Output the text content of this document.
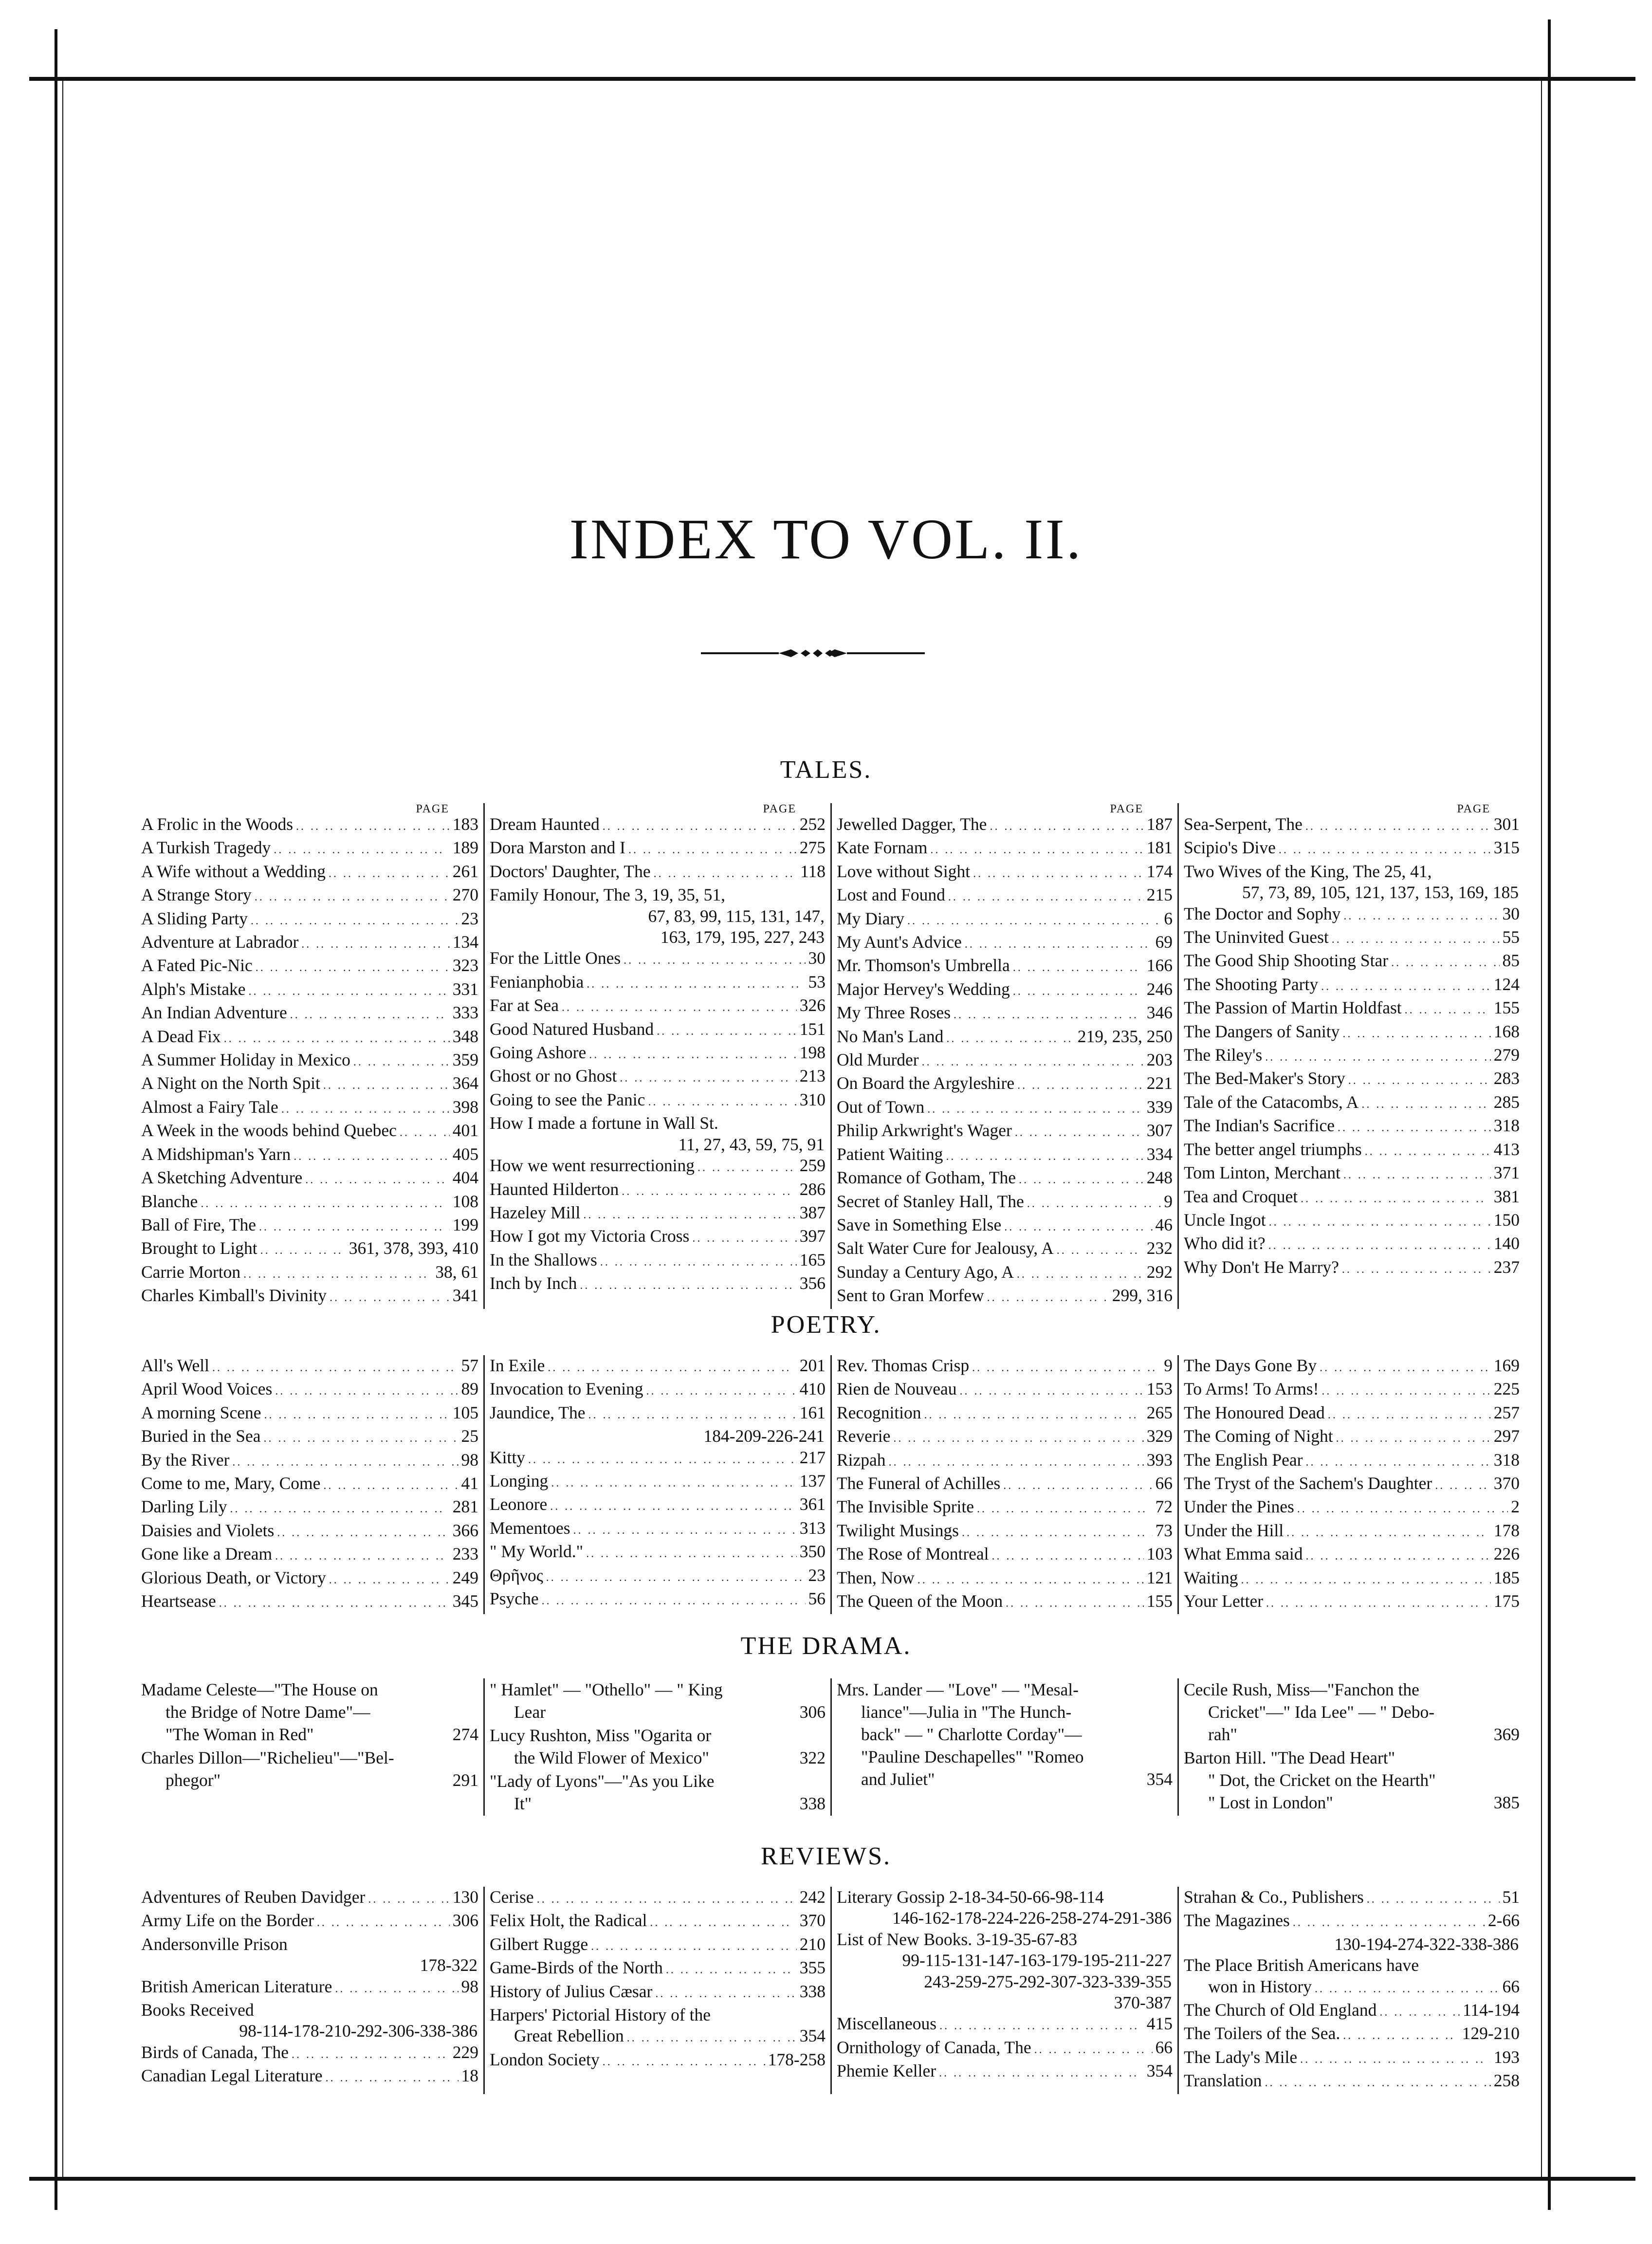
INDEX TO VOL. II.
TALES.
PAGE
A Frolic in the Woods .. ..	183
A Turkish Tragedy .. ..	189
A Wife without a Wedding .. ..	261
A Strange Story .. ..	270
A Sliding Party .. ..	23
Adventure at Labrador .. ..	134
A Fated Pic-Nic .. ..	323
Alph's Mistake .. ..	331
An Indian Adventure .. ..	333
A Dead Fix .. ..	348
A Summer Holiday in Mexico .. ..	359
A Night on the North Spit .. ..	364
Almost a Fairy Tale .. ..	398
A Week in the woods behind Quebec .. ..	401
A Midshipman's Yarn .. ..	405
A Sketching Adventure .. ..	404
Blanche .. ..	108
Ball of Fire, The .. ..	199
Brought to Light .. ..	361, 378, 393, 410
Carrie Morton .. ..	38, 61
Charles Kimball's Divinity .. ..	341
PAGE
Dream Haunted .. ..	252
Dora Marston and I .. ..	275
Doctors' Daughter, The .. ..	118
Family Honour, The 3, 19, 35, 51,
67, 83, 99, 115, 131, 147,
163, 179, 195, 227, 243
For the Little Ones .. ..	30
Fenianphobia .. ..	53
Far at Sea .. ..	326
Good Natured Husband .. ..	151
Going Ashore .. ..	198
Ghost or no Ghost .. ..	213
Going to see the Panic .. ..	310
How I made a fortune in Wall St.
11, 27, 43, 59, 75, 91
How we went resurrectioning .. ..	259
Haunted Hilderton .. ..	286
Hazeley Mill .. ..	387
How I got my Victoria Cross .. ..	397
In the Shallows .. ..	165
Inch by Inch .. ..	356
PAGE
Jewelled Dagger, The .. ..	187
Kate Fornam .. ..	181
Love without Sight .. ..	174
Lost and Found .. ..	215
My Diary .. ..	6
My Aunt's Advice .. ..	69
Mr. Thomson's Umbrella .. ..	166
Major Hervey's Wedding .. ..	246
My Three Roses .. ..	346
No Man's Land .. ..	219, 235, 250
Old Murder .. ..	203
On Board the Argyleshire .. ..	221
Out of Town .. ..	339
Philip Arkwright's Wager .. ..	307
Patient Waiting .. ..	334
Romance of Gotham, The .. ..	248
Secret of Stanley Hall, The .. ..	9
Save in Something Else .. ..	46
Salt Water Cure for Jealousy, A .. ..	232
Sunday a Century Ago, A .. ..	292
Sent to Gran Morfew .. ..	299, 316
PAGE
Sea-Serpent, The .. ..	301
Scipio's Dive .. ..	315
Two Wives of the King, The 25, 41,
57, 73, 89, 105, 121, 137, 153, 169, 185
The Doctor and Sophy .. ..	30
The Uninvited Guest .. ..	55
The Good Ship Shooting Star .. ..	85
The Shooting Party .. ..	124
The Passion of Martin Holdfast .. ..	155
The Dangers of Sanity .. ..	168
The Riley's .. ..	279
The Bed-Maker's Story .. ..	283
Tale of the Catacombs, A .. ..	285
The Indian's Sacrifice .. ..	318
The better angel triumphs .. ..	413
Tom Linton, Merchant .. ..	371
Tea and Croquet .. ..	381
Uncle Ingot .. ..	150
Who did it? .. ..	140
Why Don't He Marry? .. ..	237
POETRY.
All's Well .. ..	57
April Wood Voices .. ..	89
A morning Scene .. ..	105
Buried in the Sea .. ..	25
By the River .. ..	98
Come to me, Mary, Come .. ..	41
Darling Lily .. ..	281
Daisies and Violets .. ..	366
Gone like a Dream .. ..	233
Glorious Death, or Victory .. ..	249
Heartsease .. ..	345
In Exile .. ..	201
Invocation to Evening .. ..	410
Jaundice, The .. ..	161
184-209-226-241
Kitty .. ..	217
Longing .. ..	137
Leonore .. ..	361
Mementoes .. ..	313
" My World." .. ..	350
Θρῆνος .. ..	23
Psyche .. ..	56
Rev. Thomas Crisp .. ..	9
Rien de Nouveau .. ..	153
Recognition .. ..	265
Reverie .. ..	329
Rizpah .. ..	393
The Funeral of Achilles .. ..	66
The Invisible Sprite .. ..	72
Twilight Musings .. ..	73
The Rose of Montreal .. ..	103
Then, Now .. ..	121
The Queen of the Moon .. ..	155
The Days Gone By .. ..	169
To Arms! To Arms! .. ..	225
The Honoured Dead .. ..	257
The Coming of Night .. ..	297
The English Pear .. ..	318
The Tryst of the Sachem's Daughter .. ..	370
Under the Pines .. ..	2
Under the Hill .. ..	178
What Emma said .. ..	226
Waiting .. ..	185
Your Letter .. ..	175
THE DRAMA.
Madame Celeste—"The House on
the Bridge of Notre Dame"—
"The Woman in Red"	274
Charles Dillon—"Richelieu"—"Bel-
phegor"	291
" Hamlet" — "Othello" — " King
Lear	306
Lucy Rushton, Miss "Ogarita or
the Wild Flower of Mexico"	322
"Lady of Lyons"—"As you Like
It"	338
Mrs. Lander — "Love" — "Mesal-
liance"—Julia in "The Hunch-
back" — " Charlotte Corday"—
"Pauline Deschapelles" "Romeo
and Juliet"	354
Cecile Rush, Miss—"Fanchon the
Cricket"—" Ida Lee" — " Debo-
rah"	369
Barton Hill. "The Dead Heart"
" Dot, the Cricket on the Hearth"
" Lost in London"	385
REVIEWS.
Adventures of Reuben Davidger .. ..	130
Army Life on the Border .. ..	306
Andersonville Prison
178-322
British American Literature .. ..	98
Books Received
98-114-178-210-292-306-338-386
Birds of Canada, The .. ..	229
Canadian Legal Literature .. ..	18
Cerise .. ..	242
Felix Holt, the Radical .. ..	370
Gilbert Rugge .. ..	210
Game-Birds of the North .. ..	355
History of Julius Cæsar .. ..	338
Harpers' Pictorial History of the
Great Rebellion .. ..	354
London Society .. ..	178-258
Literary Gossip 2-18-34-50-66-98-114
146-162-178-224-226-258-274-291-386
List of New Books. 3-19-35-67-83
99-115-131-147-163-179-195-211-227
243-259-275-292-307-323-339-355
370-387
Miscellaneous .. ..	415
Ornithology of Canada, The .. ..	66
Phemie Keller .. ..	354
Strahan & Co., Publishers .. ..	51
The Magazines .. ..	2-66
130-194-274-322-338-386
The Place British Americans have
won in History .. ..	66
The Church of Old England .. ..	114-194
The Toilers of the Sea. .. ..	129-210
The Lady's Mile .. ..	193
Translation .. ..	258
